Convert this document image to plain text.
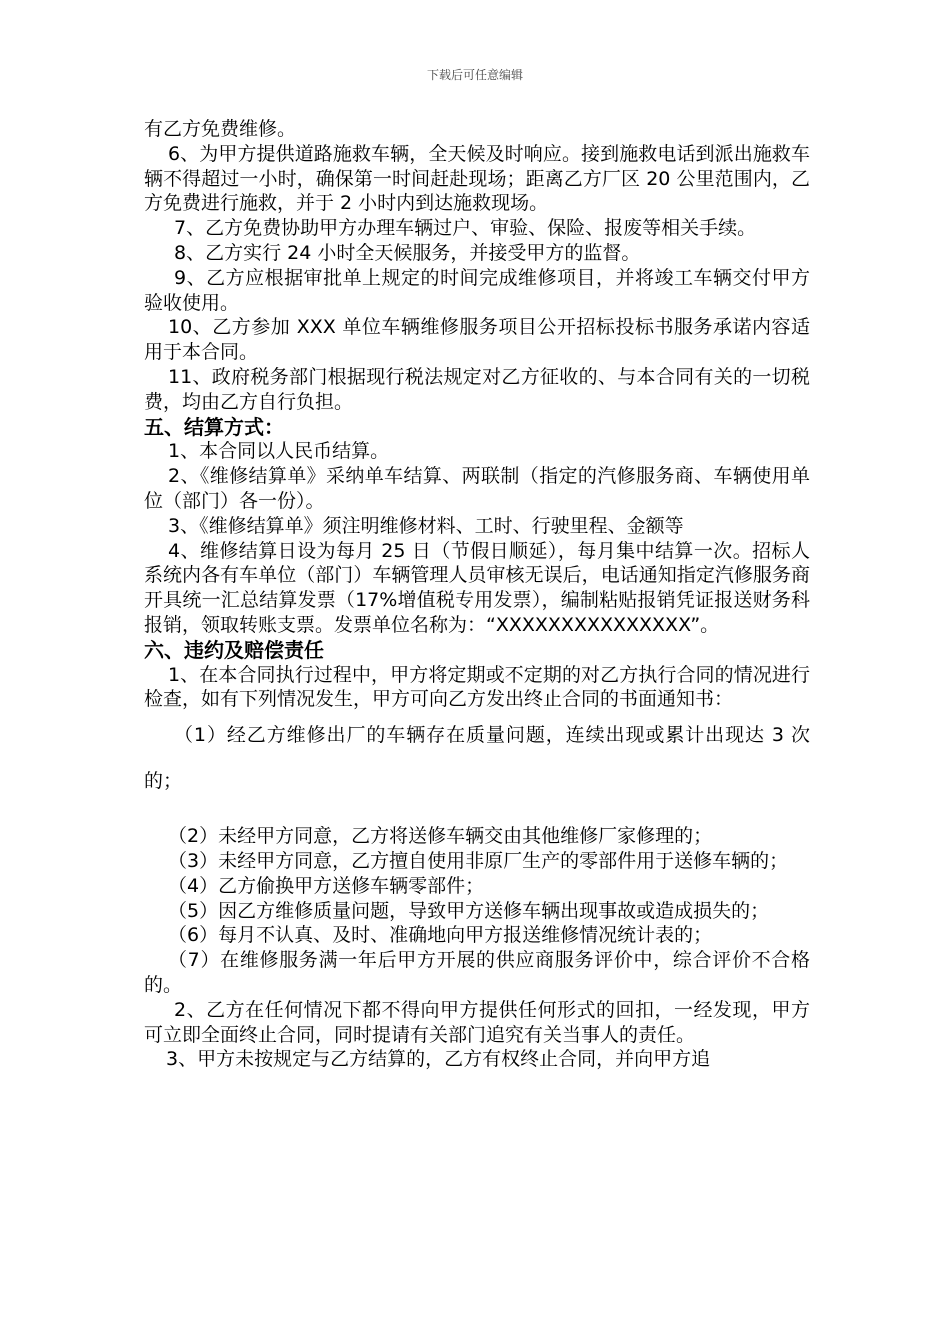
下载后可任意编辑

有乙方免费维修。

6、为甲方提供道路施救车辆，全天候及时响应。接到施救电话到派出施救车辆不得超过一小时，确保第一时间赶赴现场；距离乙方厂区 20 公里范围内，乙方免费进行施救，并于 2 小时内到达施救现场。

7、乙方免费协助甲方办理车辆过户、审验、保险、报废等相关手续。

8、乙方实行 24 小时全天候服务，并接受甲方的监督。

9、乙方应根据审批单上规定的时间完成维修项目，并将竣工车辆交付甲方验收使用。

10、乙方参加 XXX 单位车辆维修服务项目公开招标投标书服务承诺内容适用于本合同。

11、政府税务部门根据现行税法规定对乙方征收的、与本合同有关的一切税费，均由乙方自行负担。

五、结算方式：

1、本合同以人民币结算。

2、《维修结算单》采纳单车结算、两联制（指定的汽修服务商、车辆使用单位（部门）各一份）。

3、《维修结算单》须注明维修材料、工时、行驶里程、金额等

4、维修结算日设为每月 25 日（节假日顺延），每月集中结算一次。招标人系统内各有车单位（部门）车辆管理人员审核无误后，电话通知指定汽修服务商开具统一汇总结算发票（17%增值税专用发票），编制粘贴报销凭证报送财务科报销，领取转账支票。发票单位名称为：“XXXXXXXXXXXXXXX”。

六、违约及赔偿责任

1、在本合同执行过程中，甲方将定期或不定期的对乙方执行合同的情况进行检查，如有下列情况发生，甲方可向乙方发出终止合同的书面通知书：

（1）经乙方维修出厂的车辆存在质量问题，连续出现或累计出现达 3 次的；

（2）未经甲方同意，乙方将送修车辆交由其他维修厂家修理的；

（3）未经甲方同意，乙方擅自使用非原厂生产的零部件用于送修车辆的；

（4）乙方偷换甲方送修车辆零部件；

（5）因乙方维修质量问题，导致甲方送修车辆出现事故或造成损失的；

（6）每月不认真、及时、准确地向甲方报送维修情况统计表的；

（7）在维修服务满一年后甲方开展的供应商服务评价中，综合评价不合格的。

2、乙方在任何情况下都不得向甲方提供任何形式的回扣，一经发现，甲方可立即全面终止合同，同时提请有关部门追究有关当事人的责任。

3、甲方未按规定与乙方结算的，乙方有权终止合同，并向甲方追
